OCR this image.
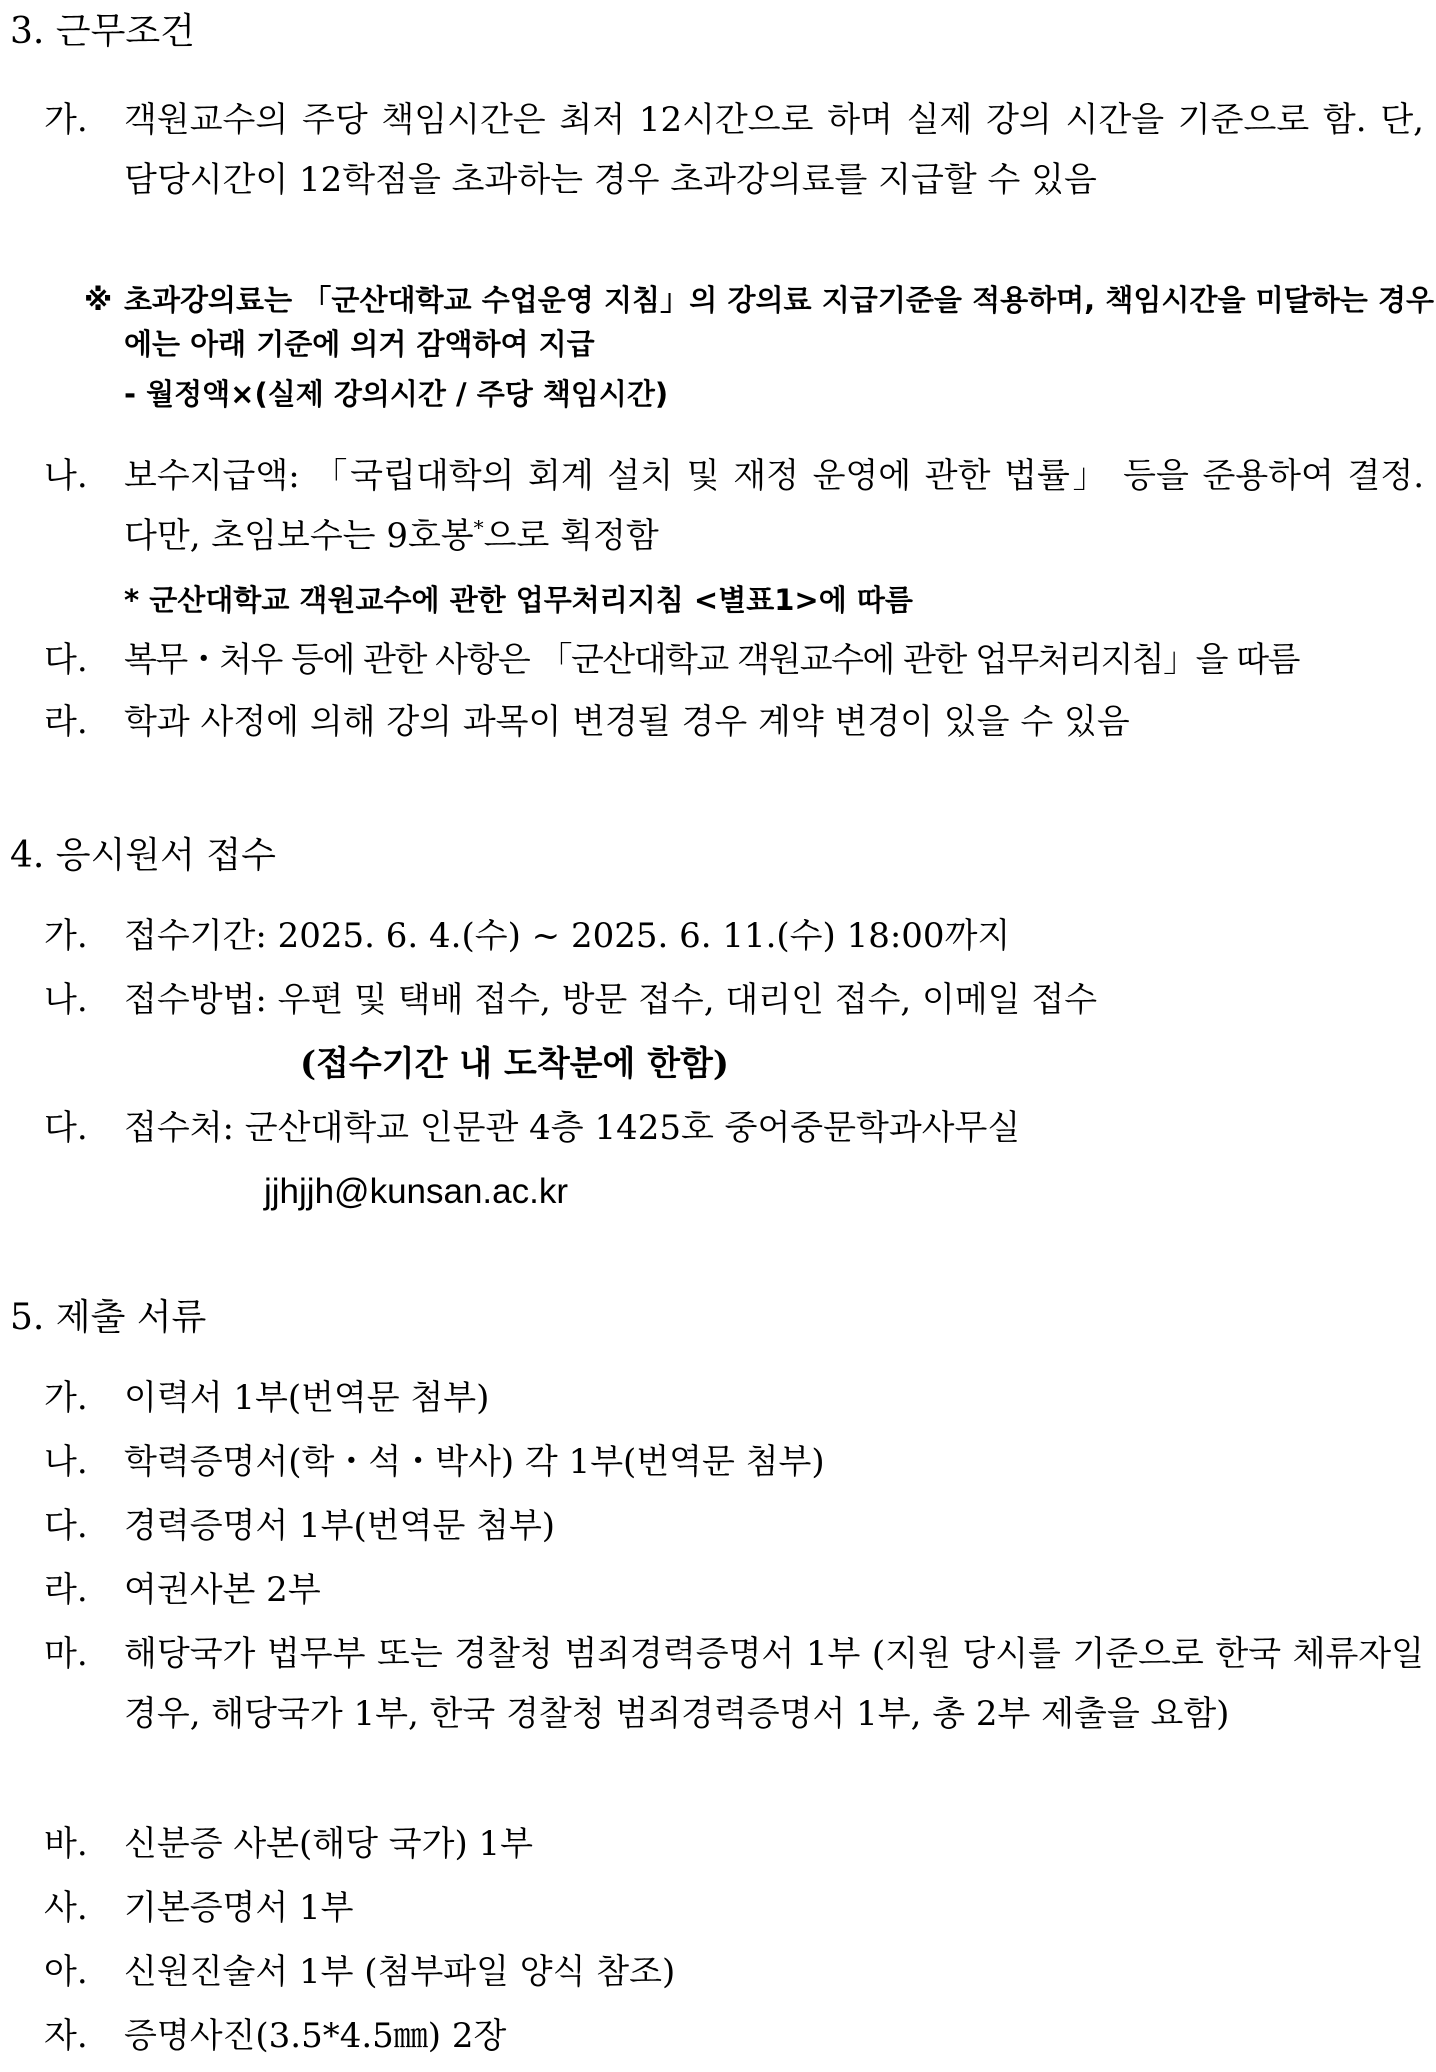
3. 근무조건
가.	객원교수의 주당 책임시간은 최저 12시간으로 하며 실제 강의 시간을 기준으로 함. 단, 담당시간이 12학점을 초과하는 경우 초과강의료를 지급할 수 있음
※ 초과강의료는 「군산대학교 수업운영 지침」의 강의료 지급기준을 적용하며, 책임시간을 미달하는 경우에는 아래 기준에 의거 감액하여 지급
- 월정액×(실제 강의시간 / 주당 책임시간)
나.	보수지급액: 「국립대학의 회계 설치 및 재정 운영에 관한 법률」 등을 준용하여 결정. 다만, 초임보수는 9호봉*으로 획정함
* 군산대학교 객원교수에 관한 업무처리지침 <별표1>에 따름
다.	복무・처우 등에 관한 사항은 「군산대학교 객원교수에 관한 업무처리지침」을 따름
라.	학과 사정에 의해 강의 과목이 변경될 경우 계약 변경이 있을 수 있음
4. 응시원서 접수
가.	접수기간: 2025. 6. 4.(수) ~ 2025. 6. 11.(수) 18:00까지
나.	접수방법: 우편 및 택배 접수, 방문 접수, 대리인 접수, 이메일 접수
(접수기간 내 도착분에 한함)
다.	접수처: 군산대학교 인문관 4층 1425호 중어중문학과사무실
jjhjjh@kunsan.ac.kr
5. 제출 서류
가.	이력서 1부(번역문 첨부)
나.	학력증명서(학・석・박사) 각 1부(번역문 첨부)
다.	경력증명서 1부(번역문 첨부)
라.	여권사본 2부
마.	해당국가 법무부 또는 경찰청 범죄경력증명서 1부 (지원 당시를 기준으로 한국 체류자일 경우, 해당국가 1부, 한국 경찰청 범죄경력증명서 1부, 총 2부 제출을 요함)
바.	신분증 사본(해당 국가) 1부
사.	기본증명서 1부
아.	신원진술서 1부 (첨부파일 양식 참조)
자.	증명사진(3.5*4.5㎜) 2장
